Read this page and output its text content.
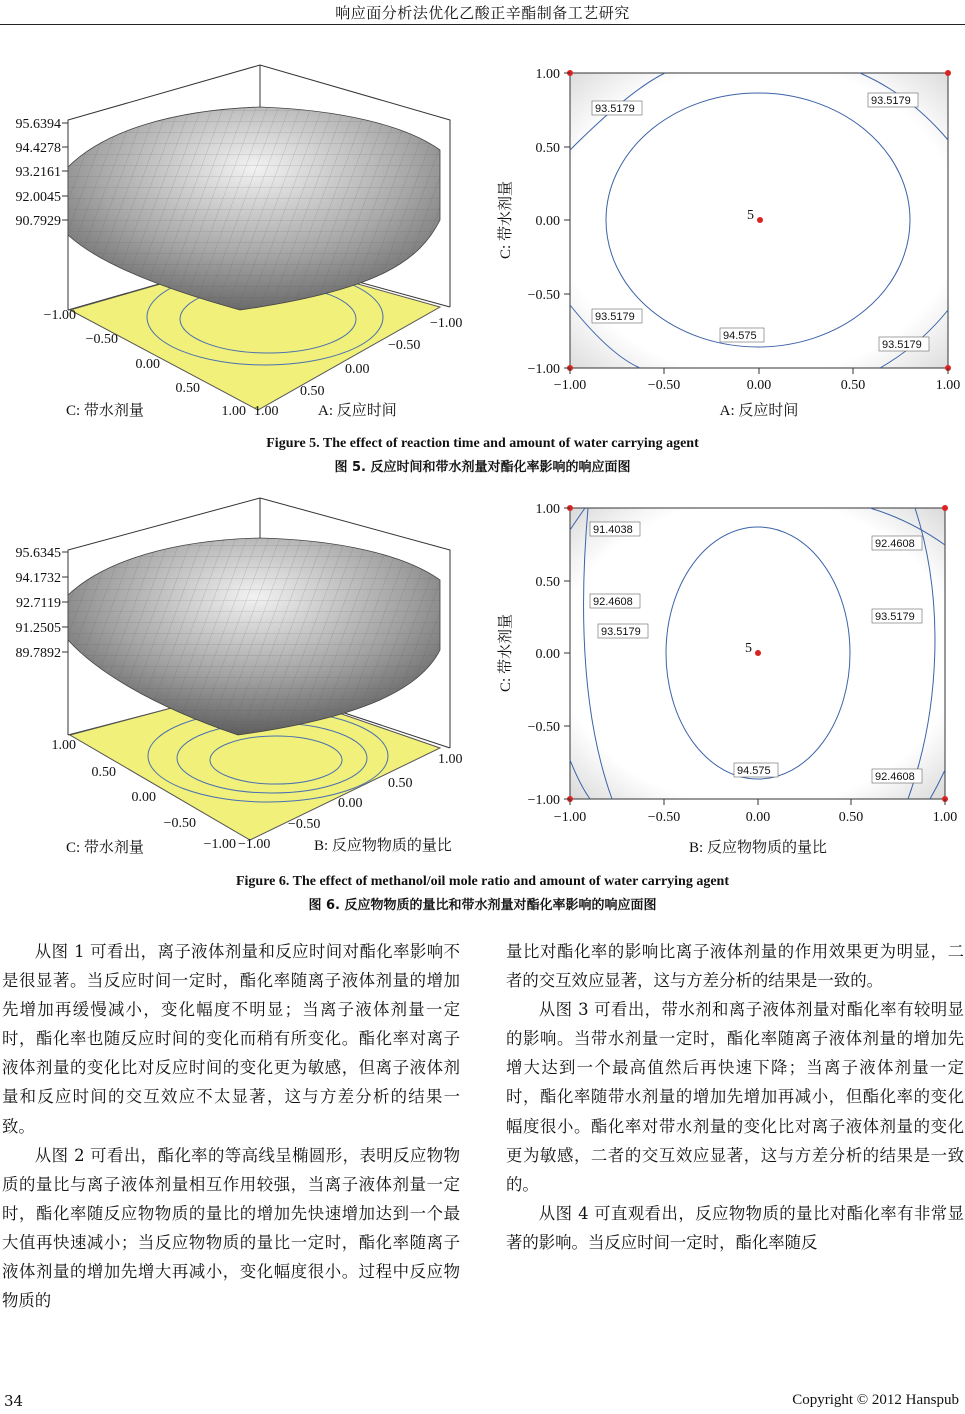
响应面分析法优化乙酸正辛酯制备工艺研究
95.6394
94.4278
93.2161
92.0045
90.7929
−1.00
−0.50
0.00
0.50
1.00
−1.00
−0.50
0.00
0.50
1.00
C: 带水剂量	A: 反应时间
93.5179
93.5179
93.5179
94.575
93.5179
5
1.00
0.50
0.00
−0.50
−1.00
−1.00	−0.50	0.00	0.50	1.00
A: 反应时间
C: 带水剂量
Figure 5. The effect of reaction time and amount of water carrying agent
图 5. 反应时间和带水剂量对酯化率影响的响应面图
95.6345
94.1732
92.7119
91.2505
89.7892
1.00
0.50
0.00
−0.50
−1.00
1.00
0.50
0.00
−0.50
−1.00
C: 带水剂量	B: 反应物物质的量比
91.4038
92.4608
92.4608
93.5179
93.5179
94.575	92.4608
5
1.00
0.50
0.00
−0.50
−1.00
−1.00	−0.50	0.00	0.50	1.00
B: 反应物物质的量比
C: 带水剂量
Figure 6. The effect of methanol/oil mole ratio and amount of water carrying agent
图 6. 反应物物质的量比和带水剂量对酯化率影响的响应面图

从图 1 可看出，离子液体剂量和反应时间对酯化率影响不是很显著。当反应时间一定时，酯化率随离子液体剂量的增加先增加再缓慢减小，变化幅度不明显；当离子液体剂量一定时，酯化率也随反应时间的变化而稍有所变化。酯化率对离子液体剂量的变化比对反应时间的变化更为敏感，但离子液体剂量和反应时间的交互效应不太显著，这与方差分析的结果一致。

从图 2 可看出，酯化率的等高线呈椭圆形，表明反应物物质的量比与离子液体剂量相互作用较强，当离子液体剂量一定时，酯化率随反应物物质的量比的增加先快速增加达到一个最大值再快速减小；当反应物物质的量比一定时，酯化率随离子液体剂量的增加先增大再减小，变化幅度很小。过程中反应物物质的

量比对酯化率的影响比离子液体剂量的作用效果更为明显，二者的交互效应显著，这与方差分析的结果是一致的。

从图 3 可看出，带水剂和离子液体剂量对酯化率有较明显的影响。当带水剂量一定时，酯化率随离子液体剂量的增加先增大达到一个最高值然后再快速下降；当离子液体剂量一定时，酯化率随带水剂量的增加先增加再减小，但酯化率的变化幅度很小。酯化率对带水剂量的变化比对离子液体剂量的变化更为敏感，二者的交互效应显著，这与方差分析的结果是一致的。

从图 4 可直观看出，反应物物质的量比对酯化率有非常显著的影响。当反应时间一定时，酯化率随反

34	Copyright © 2012 Hanspub
